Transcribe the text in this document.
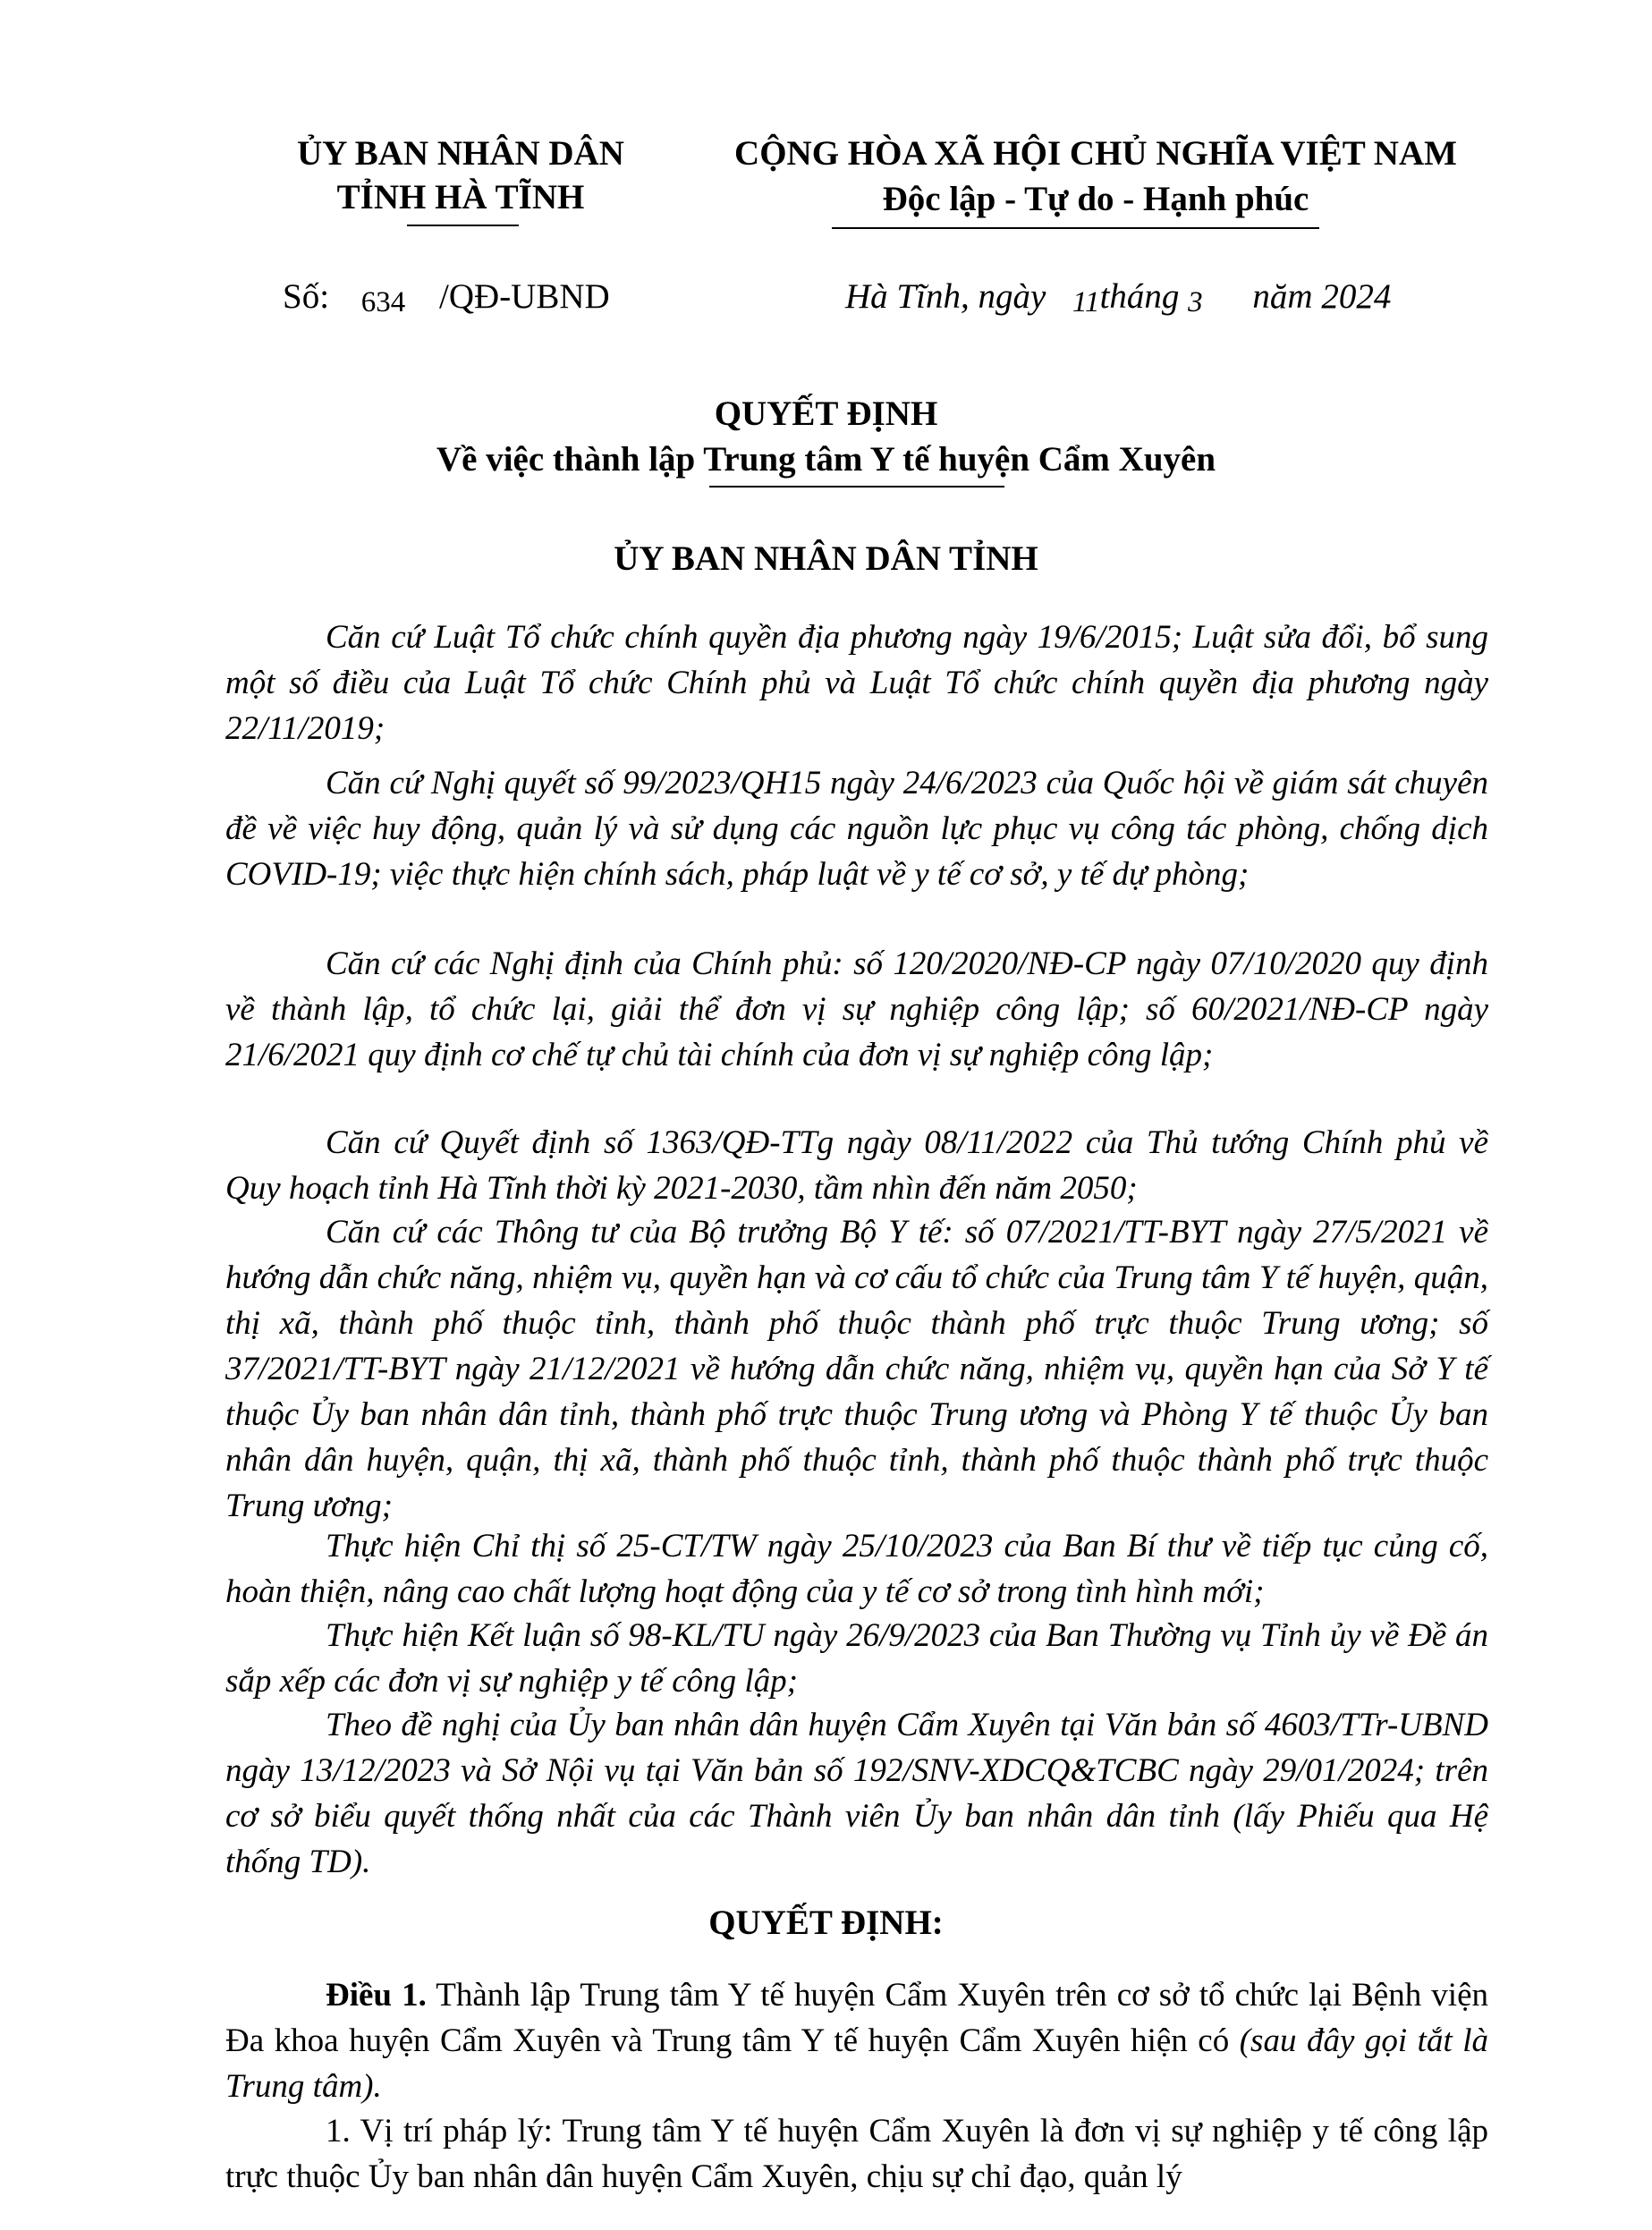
ỦY BAN NHÂN DÂN
TỈNH HÀ TĨNH
CỘNG HÒA XÃ HỘI CHỦ NGHĨA VIỆT NAM
Độc lập - Tự do - Hạnh phúc
Số: 634 /QĐ-UBND	Hà Tĩnh, ngày 11tháng 3 năm 2024
QUYẾT ĐỊNH
Về việc thành lập Trung tâm Y tế huyện Cẩm Xuyên
ỦY BAN NHÂN DÂN TỈNH

Căn cứ Luật Tổ chức chính quyền địa phương ngày 19/6/2015; Luật sửa đổi, bổ sung một số điều của Luật Tổ chức Chính phủ và Luật Tổ chức chính quyền địa phương ngày 22/11/2019;

Căn cứ Nghị quyết số 99/2023/QH15 ngày 24/6/2023 của Quốc hội về giám sát chuyên đề về việc huy động, quản lý và sử dụng các nguồn lực phục vụ công tác phòng, chống dịch COVID-19; việc thực hiện chính sách, pháp luật về y tế cơ sở, y tế dự phòng;

Căn cứ các Nghị định của Chính phủ: số 120/2020/NĐ-CP ngày 07/10/2020 quy định về thành lập, tổ chức lại, giải thể đơn vị sự nghiệp công lập; số 60/2021/NĐ-CP ngày 21/6/2021 quy định cơ chế tự chủ tài chính của đơn vị sự nghiệp công lập;

Căn cứ Quyết định số 1363/QĐ-TTg ngày 08/11/2022 của Thủ tướng Chính phủ về Quy hoạch tỉnh Hà Tĩnh thời kỳ 2021-2030, tầm nhìn đến năm 2050;

Căn cứ các Thông tư của Bộ trưởng Bộ Y tế: số 07/2021/TT-BYT ngày 27/5/2021 về hướng dẫn chức năng, nhiệm vụ, quyền hạn và cơ cấu tổ chức của Trung tâm Y tế huyện, quận, thị xã, thành phố thuộc tỉnh, thành phố thuộc thành phố trực thuộc Trung ương; số 37/2021/TT-BYT ngày 21/12/2021 về hướng dẫn chức năng, nhiệm vụ, quyền hạn của Sở Y tế thuộc Ủy ban nhân dân tỉnh, thành phố trực thuộc Trung ương và Phòng Y tế thuộc Ủy ban nhân dân huyện, quận, thị xã, thành phố thuộc tỉnh, thành phố thuộc thành phố trực thuộc Trung ương;

Thực hiện Chỉ thị số 25-CT/TW ngày 25/10/2023 của Ban Bí thư về tiếp tục củng cố, hoàn thiện, nâng cao chất lượng hoạt động của y tế cơ sở trong tình hình mới;

Thực hiện Kết luận số 98-KL/TU ngày 26/9/2023 của Ban Thường vụ Tỉnh ủy về Đề án sắp xếp các đơn vị sự nghiệp y tế công lập;

Theo đề nghị của Ủy ban nhân dân huyện Cẩm Xuyên tại Văn bản số 4603/TTr-UBND ngày 13/12/2023 và Sở Nội vụ tại Văn bản số 192/SNV-XDCQ&TCBC ngày 29/01/2024; trên cơ sở biểu quyết thống nhất của các Thành viên Ủy ban nhân dân tỉnh (lấy Phiếu qua Hệ thống TD).

QUYẾT ĐỊNH:

Điều 1. Thành lập Trung tâm Y tế huyện Cẩm Xuyên trên cơ sở tổ chức lại Bệnh viện Đa khoa huyện Cẩm Xuyên và Trung tâm Y tế huyện Cẩm Xuyên hiện có (sau đây gọi tắt là Trung tâm).

1. Vị trí pháp lý: Trung tâm Y tế huyện Cẩm Xuyên là đơn vị sự nghiệp y tế công lập trực thuộc Ủy ban nhân dân huyện Cẩm Xuyên, chịu sự chỉ đạo, quản lý
